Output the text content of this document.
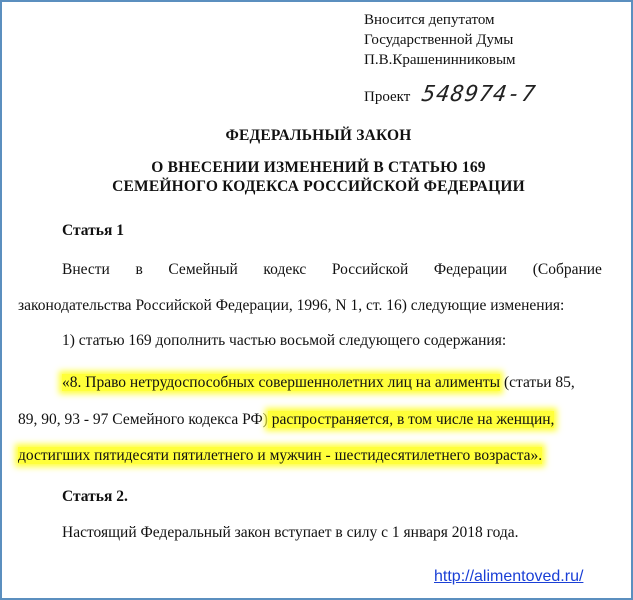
Вносится депутатом
Государственной Думы
П.В.Крашенинниковым
Проект 548974-7
ФЕДЕРАЛЬНЫЙ ЗАКОН
О ВНЕСЕНИИ ИЗМЕНЕНИЙ В СТАТЬЮ 169
СЕМЕЙНОГО КОДЕКСА РОССИЙСКОЙ ФЕДЕРАЦИИ
Статья 1
Внести в Семейный кодекс Российской Федерации (Собрание
законодательства Российской Федерации, 1996, N 1, ст. 16) следующие изменения:
1) статью 169 дополнить частью восьмой следующего содержания:
«8. Право нетрудоспособных совершеннолетних лиц на алименты (статьи 85,
89, 90, 93 - 97 Семейного кодекса РФ) распространяется, в том числе на женщин,
достигших пятидесяти пятилетнего и мужчин - шестидесятилетнего возраста».
Статья 2.
Настоящий Федеральный закон вступает в силу с 1 января 2018 года.
http://alimentoved.ru/
